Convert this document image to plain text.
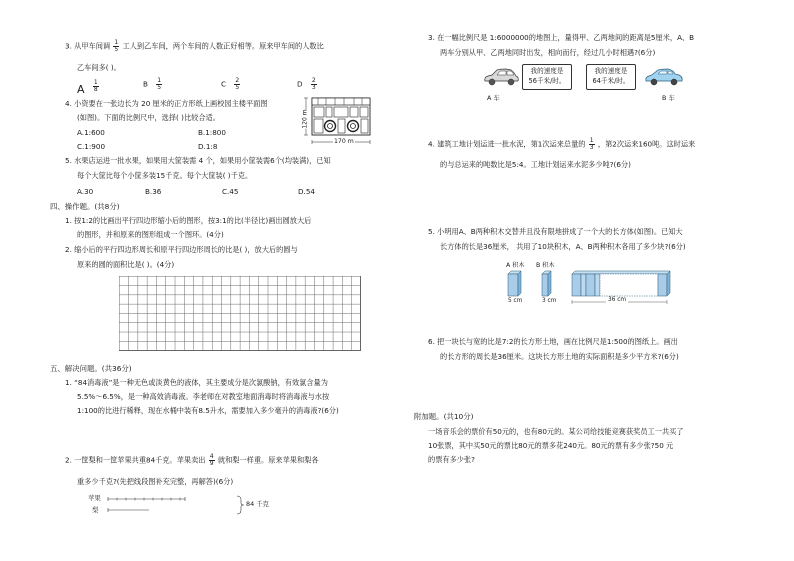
3. 从甲车间调 $\frac{1}{5}$ 工人到乙车间，两个车间的人数正好相等。原来甲车间的人数比
乙车间多( )。
A $\frac{1}{8}$	B $\frac{1}{5}$	C $\frac{2}{5}$	D $\frac{2}{3}$
4. 小资要在一张边长为 20 厘米的正方形纸上画校园主楼平面图
(如图)。下面的比例尺中，选择( )比较合适。
A.1:600	B.1:800
C.1:900	D.1:8
120 m
170 m
5. 水果店运进一批水果，如果用大筐装需 4 个，如果用小筐装需6个(均装满)，已知
每个大筐比每个小筐多装15千克。每个大筐装( )千克。
A.30	B.36	C.45	D.54
四、操作题。(共8分)
1. 按1:2的比画出平行四边形缩小后的图形，按3:1的比(半径比)画出圆放大后
的图形，并和原来的图形组成一个图环。(4分)
2. 缩小后的平行四边形周长和原平行四边形周长的比是( )，放大后的圆与
原来的圆的面积比是( )。(4分)
五、解决问题。(共36分)
1. “84消毒液”是一种无色或淡黄色的液体，其主要成分是次氯酸钠，有效氯含量为
5.5%～6.5%，是一种高效消毒液。李老师在对教室地面消毒时将消毒液与水按
1:100的比进行稀释，现在水桶中装有8.5升水，需要加入多少毫升的消毒液?(6分)
2. 一筐梨和一筐苹果共重84千克。苹果卖出 $\frac{4}{9}$ 就和梨一样重。原来苹果和梨各
重多少千克?(先把线段图补充完整，再解答)(6分)
苹果
梨
84 千克
3. 在一幅比例尺是 1:6000000的地图上，量得甲、乙两地间的距离是5厘米，A、B
两车分别从甲、乙两地同时出发，相向而行，经过几小时相遇?(6分)
我的速度是
56千米/时。
A 车
我的速度是
64千米/时。
B 车
4. 建筑工地计划运进一批水泥，第1次运来总量的 $\frac{1}{3}$ ，第2次运来160吨。这时运来
的与总运来的吨数比是5:4。工地计划运来水泥多少吨?(6分)
5. 小明用A、B两种积木交替并且没有限地拼成了一个大的长方体(如图)。已知大
长方体的长是36厘米， 共用了10块积木，A、B两种积木各用了多少块?(6分)
A 积木 B 积木
5 cm	3 cm	36 cm
6. 把一块长与宽的比是7:2的长方形土地，画在比例尺是1:500的图纸上。画出
的长方形的周长是36厘米。这块长方形土地的实际面积是多少平方米?(6分)
附加题。(共10分)
一场音乐会的票价有50元的，也有80元的。某公司给技能竞赛获奖员工一共买了
10张票，其中买50元的票比80元的票多花240元。80元的票有多少张?50 元
的票有多少张?
